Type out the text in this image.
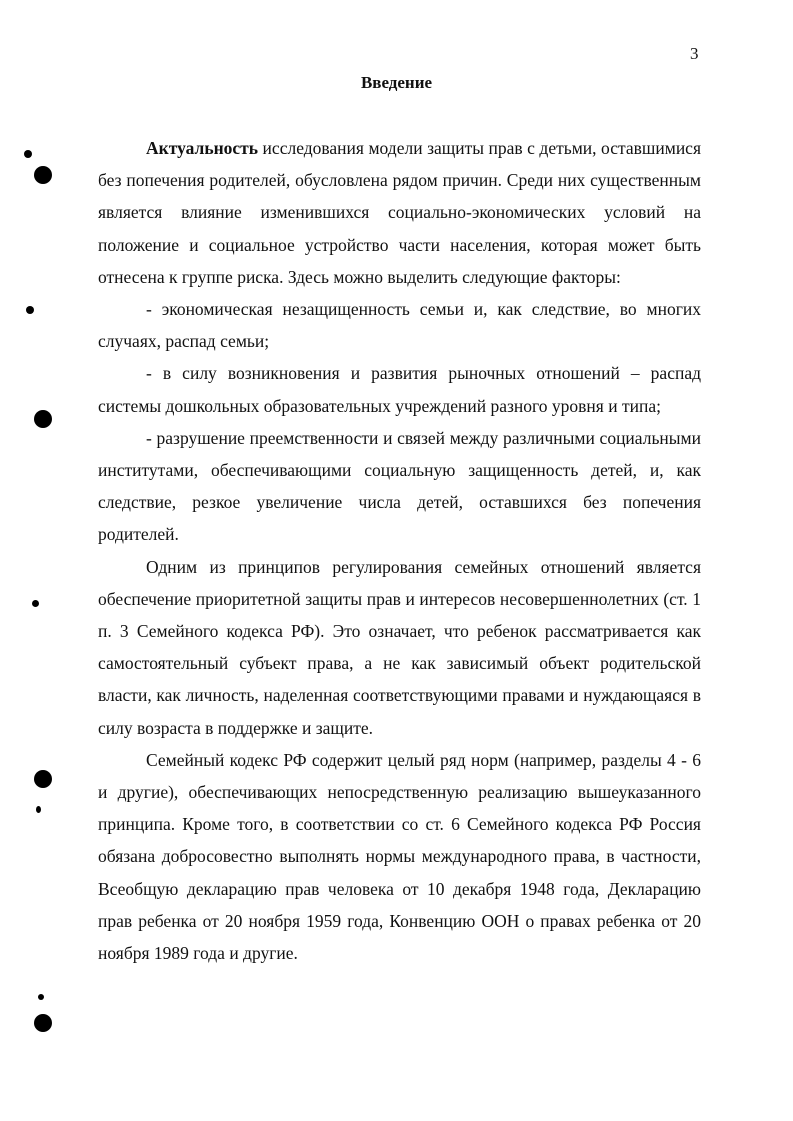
3
Введение

Актуальность исследования модели защиты прав с детьми, оставшимися без попечения родителей, обусловлена рядом причин. Среди них существенным является влияние изменившихся социально-экономических условий на положение и социальное устройство части населения, которая может быть отнесена к группе риска. Здесь можно выделить следующие факторы:

- экономическая незащищенность семьи и, как следствие, во многих случаях, распад семьи;

- в силу возникновения и развития рыночных отношений – распад системы дошкольных образовательных учреждений разного уровня и типа;

- разрушение преемственности и связей между различными социальными институтами, обеспечивающими социальную защищенность детей, и, как следствие, резкое увеличение числа детей, оставшихся без попечения родителей.

Одним из принципов регулирования семейных отношений является обеспечение приоритетной защиты прав и интересов несовершеннолетних (ст. 1 п. 3 Семейного кодекса РФ). Это означает, что ребенок рассматривается как самостоятельный субъект права, а не как зависимый объект родительской власти, как личность, наделенная соответствующими правами и нуждающаяся в силу возраста в поддержке и защите.

Семейный кодекс РФ содержит целый ряд норм (например, разделы 4 - 6 и другие), обеспечивающих непосредственную реализацию вышеуказанного принципа. Кроме того, в соответствии со ст. 6 Семейного кодекса РФ Россия обязана добросовестно выполнять нормы международного права, в частности, Всеобщую декларацию прав человека от 10 декабря 1948 года, Декларацию прав ребенка от 20 ноября 1959 года, Конвенцию ООН о правах ребенка от 20 ноября 1989 года и другие.
